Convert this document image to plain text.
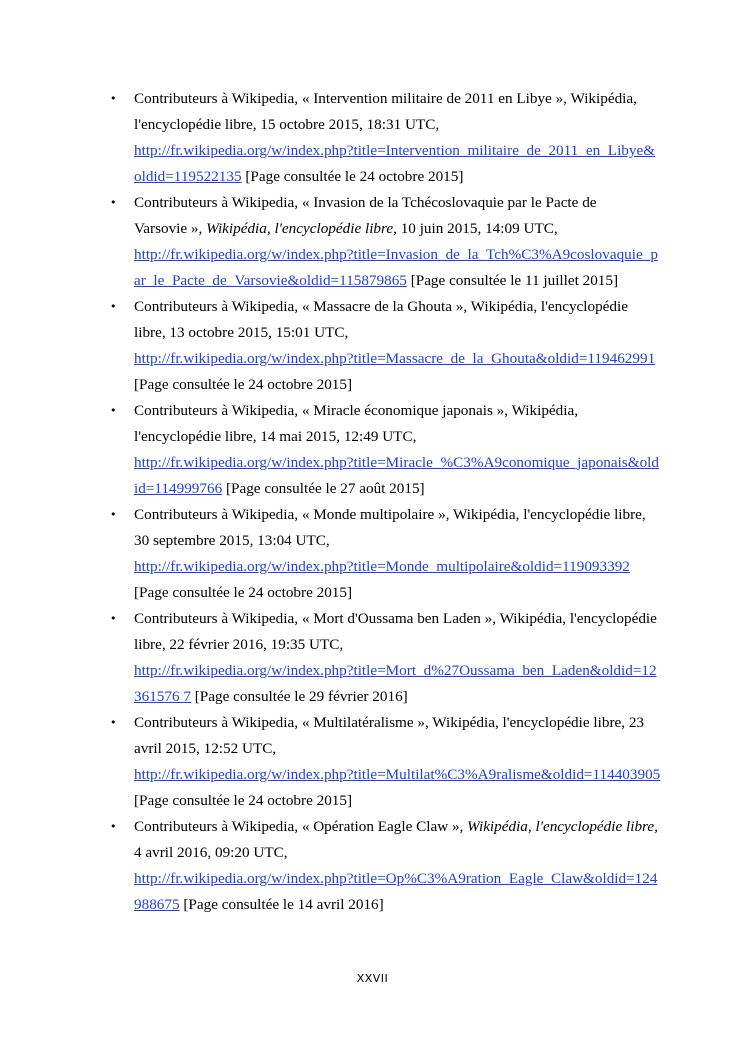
• Contributeurs à Wikipedia, « Intervention militaire de 2011 en Libye », Wikipédia,
l'encyclopédie libre, 15 octobre 2015, 18:31 UTC,
http://fr.wikipedia.org/w/index.php?title=Intervention_militaire_de_2011_en_Libye&
oldid=119522135 [Page consultée le 24 octobre 2015]
• Contributeurs à Wikipedia, « Invasion de la Tchécoslovaquie par le Pacte de
Varsovie », Wikipédia, l'encyclopédie libre, 10 juin 2015, 14:09 UTC,
http://fr.wikipedia.org/w/index.php?title=Invasion_de_la_Tch%C3%A9coslovaquie_p
ar_le_Pacte_de_Varsovie&oldid=115879865 [Page consultée le 11 juillet 2015]
• Contributeurs à Wikipedia, « Massacre de la Ghouta », Wikipédia, l'encyclopédie
libre, 13 octobre 2015, 15:01 UTC,
http://fr.wikipedia.org/w/index.php?title=Massacre_de_la_Ghouta&oldid=119462991
[Page consultée le 24 octobre 2015]
• Contributeurs à Wikipedia, « Miracle économique japonais », Wikipédia,
l'encyclopédie libre, 14 mai 2015, 12:49 UTC,
http://fr.wikipedia.org/w/index.php?title=Miracle_%C3%A9conomique_japonais&old
id=114999766 [Page consultée le 27 août 2015]
• Contributeurs à Wikipedia, « Monde multipolaire », Wikipédia, l'encyclopédie libre,
30 septembre 2015, 13:04 UTC,
http://fr.wikipedia.org/w/index.php?title=Monde_multipolaire&oldid=119093392
[Page consultée le 24 octobre 2015]
• Contributeurs à Wikipedia, « Mort d'Oussama ben Laden », Wikipédia, l'encyclopédie
libre, 22 février 2016, 19:35 UTC,
http://fr.wikipedia.org/w/index.php?title=Mort_d%27Oussama_ben_Laden&oldid=12
361576 7 [Page consultée le 29 février 2016]
• Contributeurs à Wikipedia, « Multilatéralisme », Wikipédia, l'encyclopédie libre, 23
avril 2015, 12:52 UTC,
http://fr.wikipedia.org/w/index.php?title=Multilat%C3%A9ralisme&oldid=114403905
[Page consultée le 24 octobre 2015]
• Contributeurs à Wikipedia, « Opération Eagle Claw », Wikipédia, l'encyclopédie libre,
4 avril 2016, 09:20 UTC,
http://fr.wikipedia.org/w/index.php?title=Op%C3%A9ration_Eagle_Claw&oldid=124
988675 [Page consultée le 14 avril 2016]
XXVII
